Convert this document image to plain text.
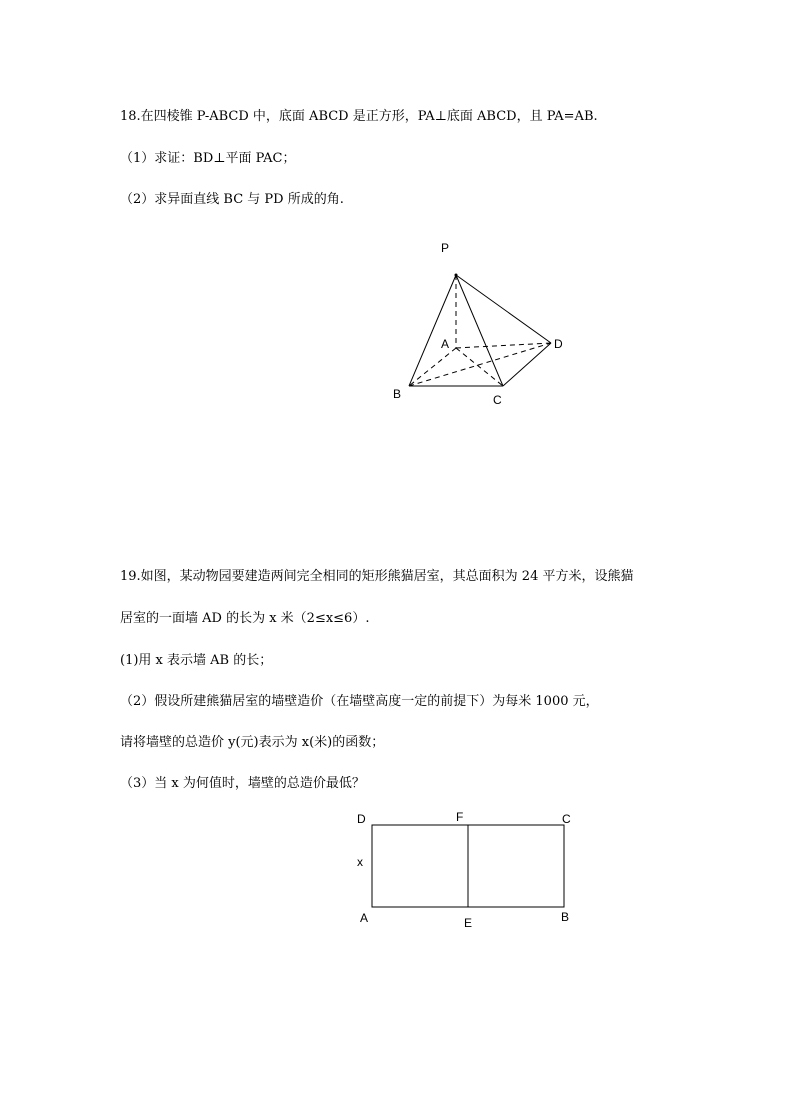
18.在四棱锥 P-ABCD 中，底面 ABCD 是正方形，PA⊥底面 ABCD，且 PA=AB.
（1）求证：BD⊥平面 PAC；
（2）求异面直线 BC 与 PD 所成的角.
P
A
B	C
D
D	F	C
x
A	E	B
19.如图，某动物园要建造两间完全相同的矩形熊猫居室，其总面积为 24 平方米，设熊猫
居室的一面墙 AD 的长为 x 米（2≤x≤6）.
(1)用 x 表示墙 AB 的长；
（2）假设所建熊猫居室的墙壁造价（在墙壁高度一定的前提下）为每米 1000 元，
请将墙壁的总造价 y(元)表示为 x(米)的函数；
（3）当 x 为何值时，墙壁的总造价最低？
